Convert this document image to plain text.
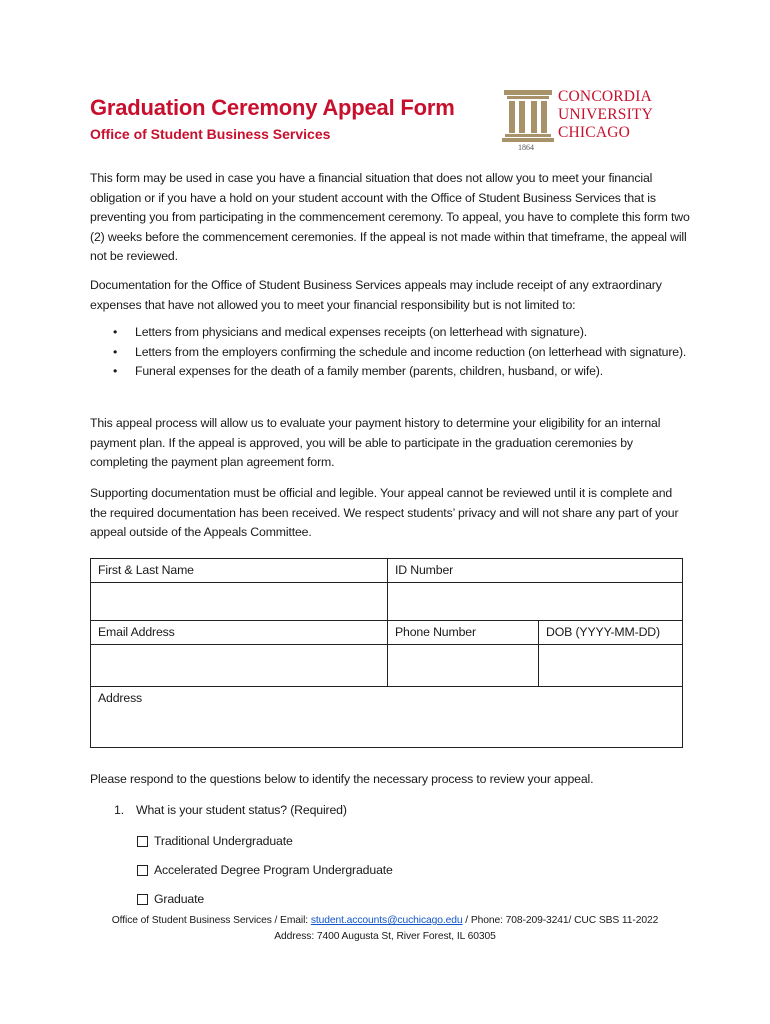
Graduation Ceremony Appeal Form
Office of Student Business Services
CONCORDIA
UNIVERSITY
CHICAGO
1864

This form may be used in case you have a financial situation that does not allow you to meet your financial obligation or if you have a hold on your student account with the Office of Student Business Services that is preventing you from participating in the commencement ceremony. To appeal, you have to complete this form two (2) weeks before the commencement ceremonies. If the appeal is not made within that timeframe, the appeal will not be reviewed.

Documentation for the Office of Student Business Services appeals may include receipt of any extraordinary expenses that have not allowed you to meet your financial responsibility but is not limited to:

• Letters from physicians and medical expenses receipts (on letterhead with signature).
• Letters from the employers confirming the schedule and income reduction (on letterhead with signature).
• Funeral expenses for the death of a family member (parents, children, husband, or wife).

This appeal process will allow us to evaluate your payment history to determine your eligibility for an internal payment plan. If the appeal is approved, you will be able to participate in the graduation ceremonies by completing the payment plan agreement form.

Supporting documentation must be official and legible. Your appeal cannot be reviewed until it is complete and the required documentation has been received. We respect students’ privacy and will not share any part of your appeal outside of the Appeals Committee.

First & Last Name	ID Number	

Email Address	Phone Number	DOB (YYYY-MM-DD)

Address		

Please respond to the questions below to identify the necessary process to review your appeal.

1. What is your student status? (Required)

Traditional Undergraduate
Accelerated Degree Program Undergraduate
Graduate
Office of Student Business Services / Email: student.accounts@cuchicago.edu / Phone: 708-209-3241/ CUC SBS 11-2022
Address: 7400 Augusta St, River Forest, IL 60305
